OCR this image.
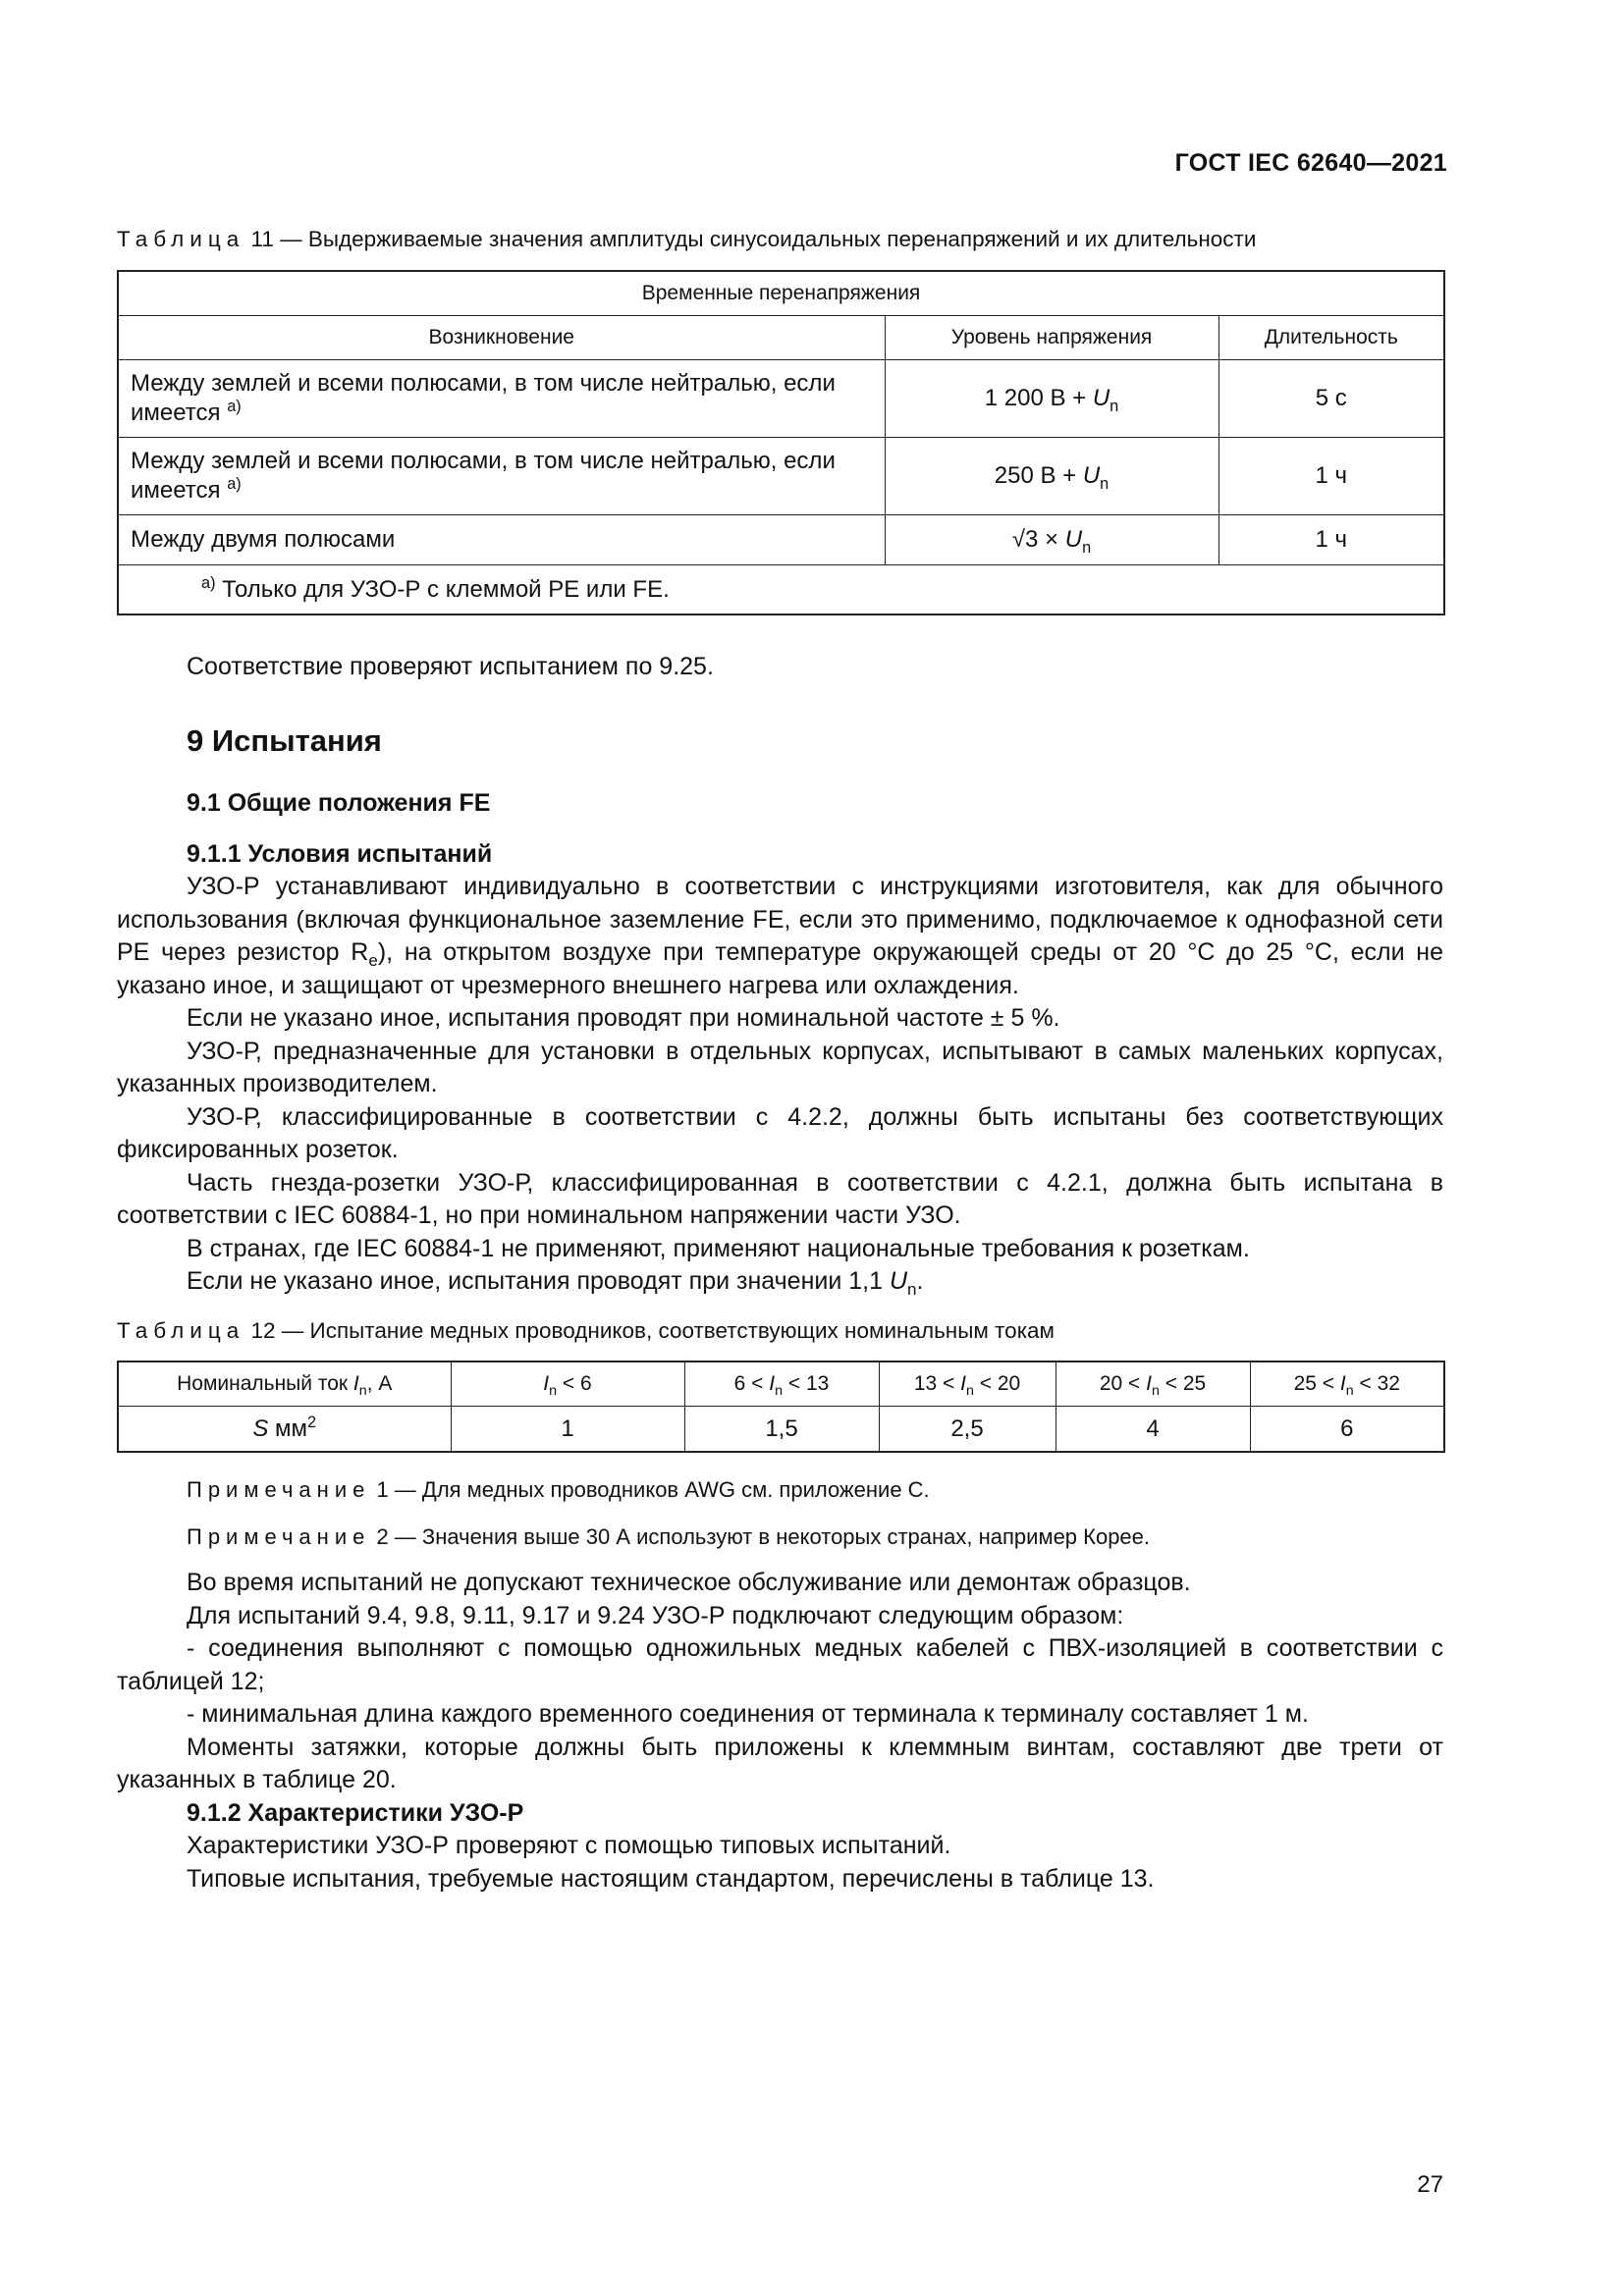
ГОСТ IEC 62640—2021
Таблица 11 — Выдерживаемые значения амплитуды синусоидальных перенапряжений и их длительности
Временные перенапряжения		
Возникновение	Уровень напряжения	Длительность
Между землей и всеми полюсами, в том числе нейтралью, если имеется $^{a)}$	1 200 $В + U_n$	5 с
Между землей и всеми полюсами, в том числе нейтралью, если имеется $^{a)}$	250 $В + U_n$	1 ч
Между двумя полюсами	$√3 \times U_n$	1 ч
$^{а)}$ Только для УЗО-Р с клеммой PE или FE.		

Соответствие проверяют испытанием по 9.25.

9 Испытания

9.1 Общие положения FE

9.1.1 Условия испытаний

УЗО-Р устанавливают индивидуально в соответствии с инструкциями изготовителя, как для обычного использования (включая функциональное заземление FE, если это применимо, подключаемое к однофазной сети PE через резистор $R_e$), на открытом воздухе при температуре окружающей среды от 20 °C до 25 °C, если не указано иное, и защищают от чрезмерного внешнего нагрева или охлаждения.

Если не указано иное, испытания проводят при номинальной частоте ± 5 %.

УЗО-Р, предназначенные для установки в отдельных корпусах, испытывают в самых маленьких корпусах, указанных производителем.

УЗО-Р, классифицированные в соответствии с 4.2.2, должны быть испытаны без соответствующих фиксированных розеток.

Часть гнезда-розетки УЗО-Р, классифицированная в соответствии с 4.2.1, должна быть испытана в соответствии с IEC 60884-1, но при номинальном напряжении части УЗО.

В странах, где IEC 60884-1 не применяют, применяют национальные требования к розеткам.

Если не указано иное, испытания проводят при значении 1,1 $U_n$.

Таблица 12 — Испытание медных проводников, соответствующих номинальным токам
Номинальный ток $I_n$, А	$I_n < 6$	$6 < I_n < 13$	$13 < I_n < 20$	$20 < I_n < 25$	$25 < I_n < 32$
S $мм^2$	1	1,5	2,5	4	6
Примечание 1 — Для медных проводников AWG см. приложение C.
Примечание 2 — Значения выше 30 А используют в некоторых странах, например Корее.

Во время испытаний не допускают техническое обслуживание или демонтаж образцов.

Для испытаний 9.4, 9.8, 9.11, 9.17 и 9.24 УЗО-Р подключают следующим образом:

- соединения выполняют с помощью одножильных медных кабелей с ПВХ-изоляцией в соответствии с таблицей 12;

- минимальная длина каждого временного соединения от терминала к терминалу составляет 1 м.

Моменты затяжки, которые должны быть приложены к клеммным винтам, составляют две трети от указанных в таблице 20.

9.1.2 Характеристики УЗО-Р

Характеристики УЗО-Р проверяют с помощью типовых испытаний.

Типовые испытания, требуемые настоящим стандартом, перечислены в таблице 13.

27
